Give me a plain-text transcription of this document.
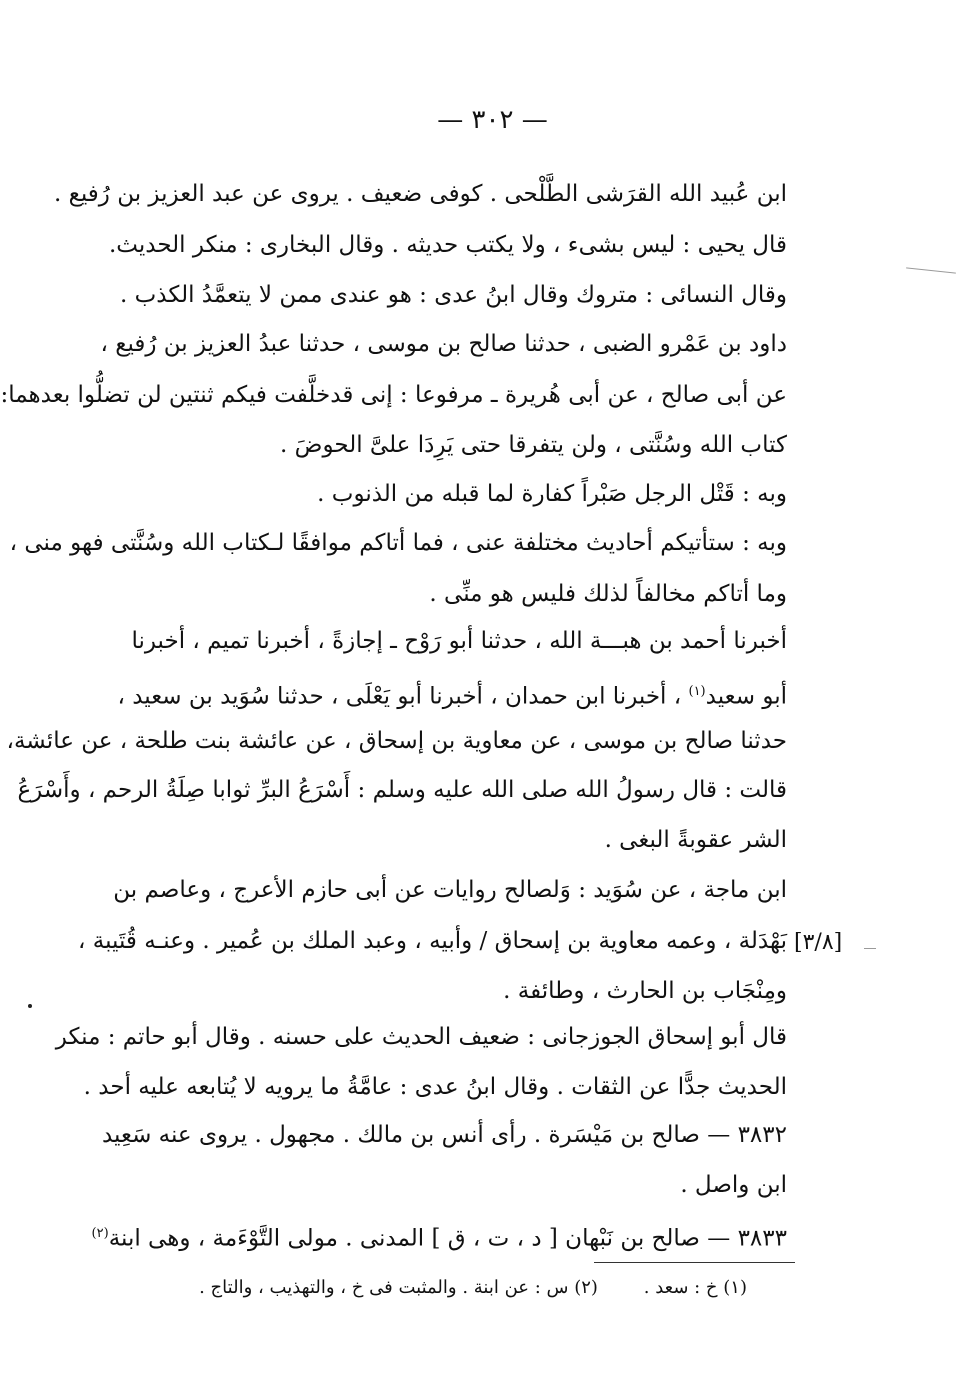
— ٣٠٢ —
ابن عُبيد الله القرَشى الطَّلْحى . كوفى ضعيف . يروى عن عبد العزيز بن رُفيع .
قال يحيى : ليس بشىء ، ولا يكتب حديثه . وقال البخارى : منكر الحديث.
وقال النسائى : متروك وقال ابنُ عدى : هو عندى ممن لا يتعمَّدُ الكذب .
داود بن عَمْرو الضبى ، حدثنا صالح بن موسى ، حدثنا عبدُ العزيز بن رُفيع ،
عن أبى صالح ، عن أبى هُريرة ـ مرفوعا : إنى قدخلَّفت فيكم ثنتين لن تضلُّوا بعدهما:
كتاب الله وسُنَّتى ، ولن يتفرقا حتى يَرِدَا علىَّ الحوضَ .
وبه : قَتْل الرجل صَبْراً كفارة لما قبله من الذنوب .
وبه : ستأتيكم أحاديث مختلفة عنى ، فما أتاكم موافقًا لـكتاب الله وسُنَّتى فهو منى ،
وما أتاكم مخالفاً لذلك فليس هو منِّى .
أخبرنا أحمد بن هبـــة الله ، حدثنا أبو رَوْح ـ إجازةً ، أخبرنا تميم ، أخبرنا
أبو سعيد$^{(١)}$ ، أخبرنا ابن حمدان ، أخبرنا أبو يَعْلَى ، حدثنا سُوَيد بن سعيد ،
حدثنا صالح بن موسى ، عن معاوية بن إسحاق ، عن عائشة بنت طلحة ، عن عائشة،
قالت : قال رسولُ الله صلى الله عليه وسلم : أَسْرَعُ البرِّ ثوابا صِلَةُ الرحم ، وأَسْرَعُ
الشر عقوبةً البغى .
ابن ماجة ، عن سُوَيد : وَلصالح روايات عن أبى حازم الأعرج ، وعاصم بن
بَهْدَلة ، وعمه معاوية بن إسحاق / وأبيه ، وعبد الملك بن عُمير . وعنـه قُتَيبة ،
ومِنْجَاب بن الحارث ، وطائفة .
قال أبو إسحاق الجوزجانى : ضعيف الحديث على حسنه . وقال أبو حاتم : منكر
الحديث جدًّا عن الثقات . وقال ابنُ عدى : عامَّةُ ما يرويه لا يُتابعه عليه أحد .
٣٨٣٢ — صالح بن مَيْسَرة . رأى أنس بن مالك . مجهول . يروى عنه سَعِيد
ابن واصل .
٣٨٣٣ — صالح بن نَبْهان [ د ، ت ، ق ] المدنى . مولى التَّوْءَمة ، وهى ابنة$^{(٢)}$
[٣/٨]
(١) خ : سعد .        (٢) س : عن ابنة . والمثبت فى خ ، والتهذيب ، والتاج .
